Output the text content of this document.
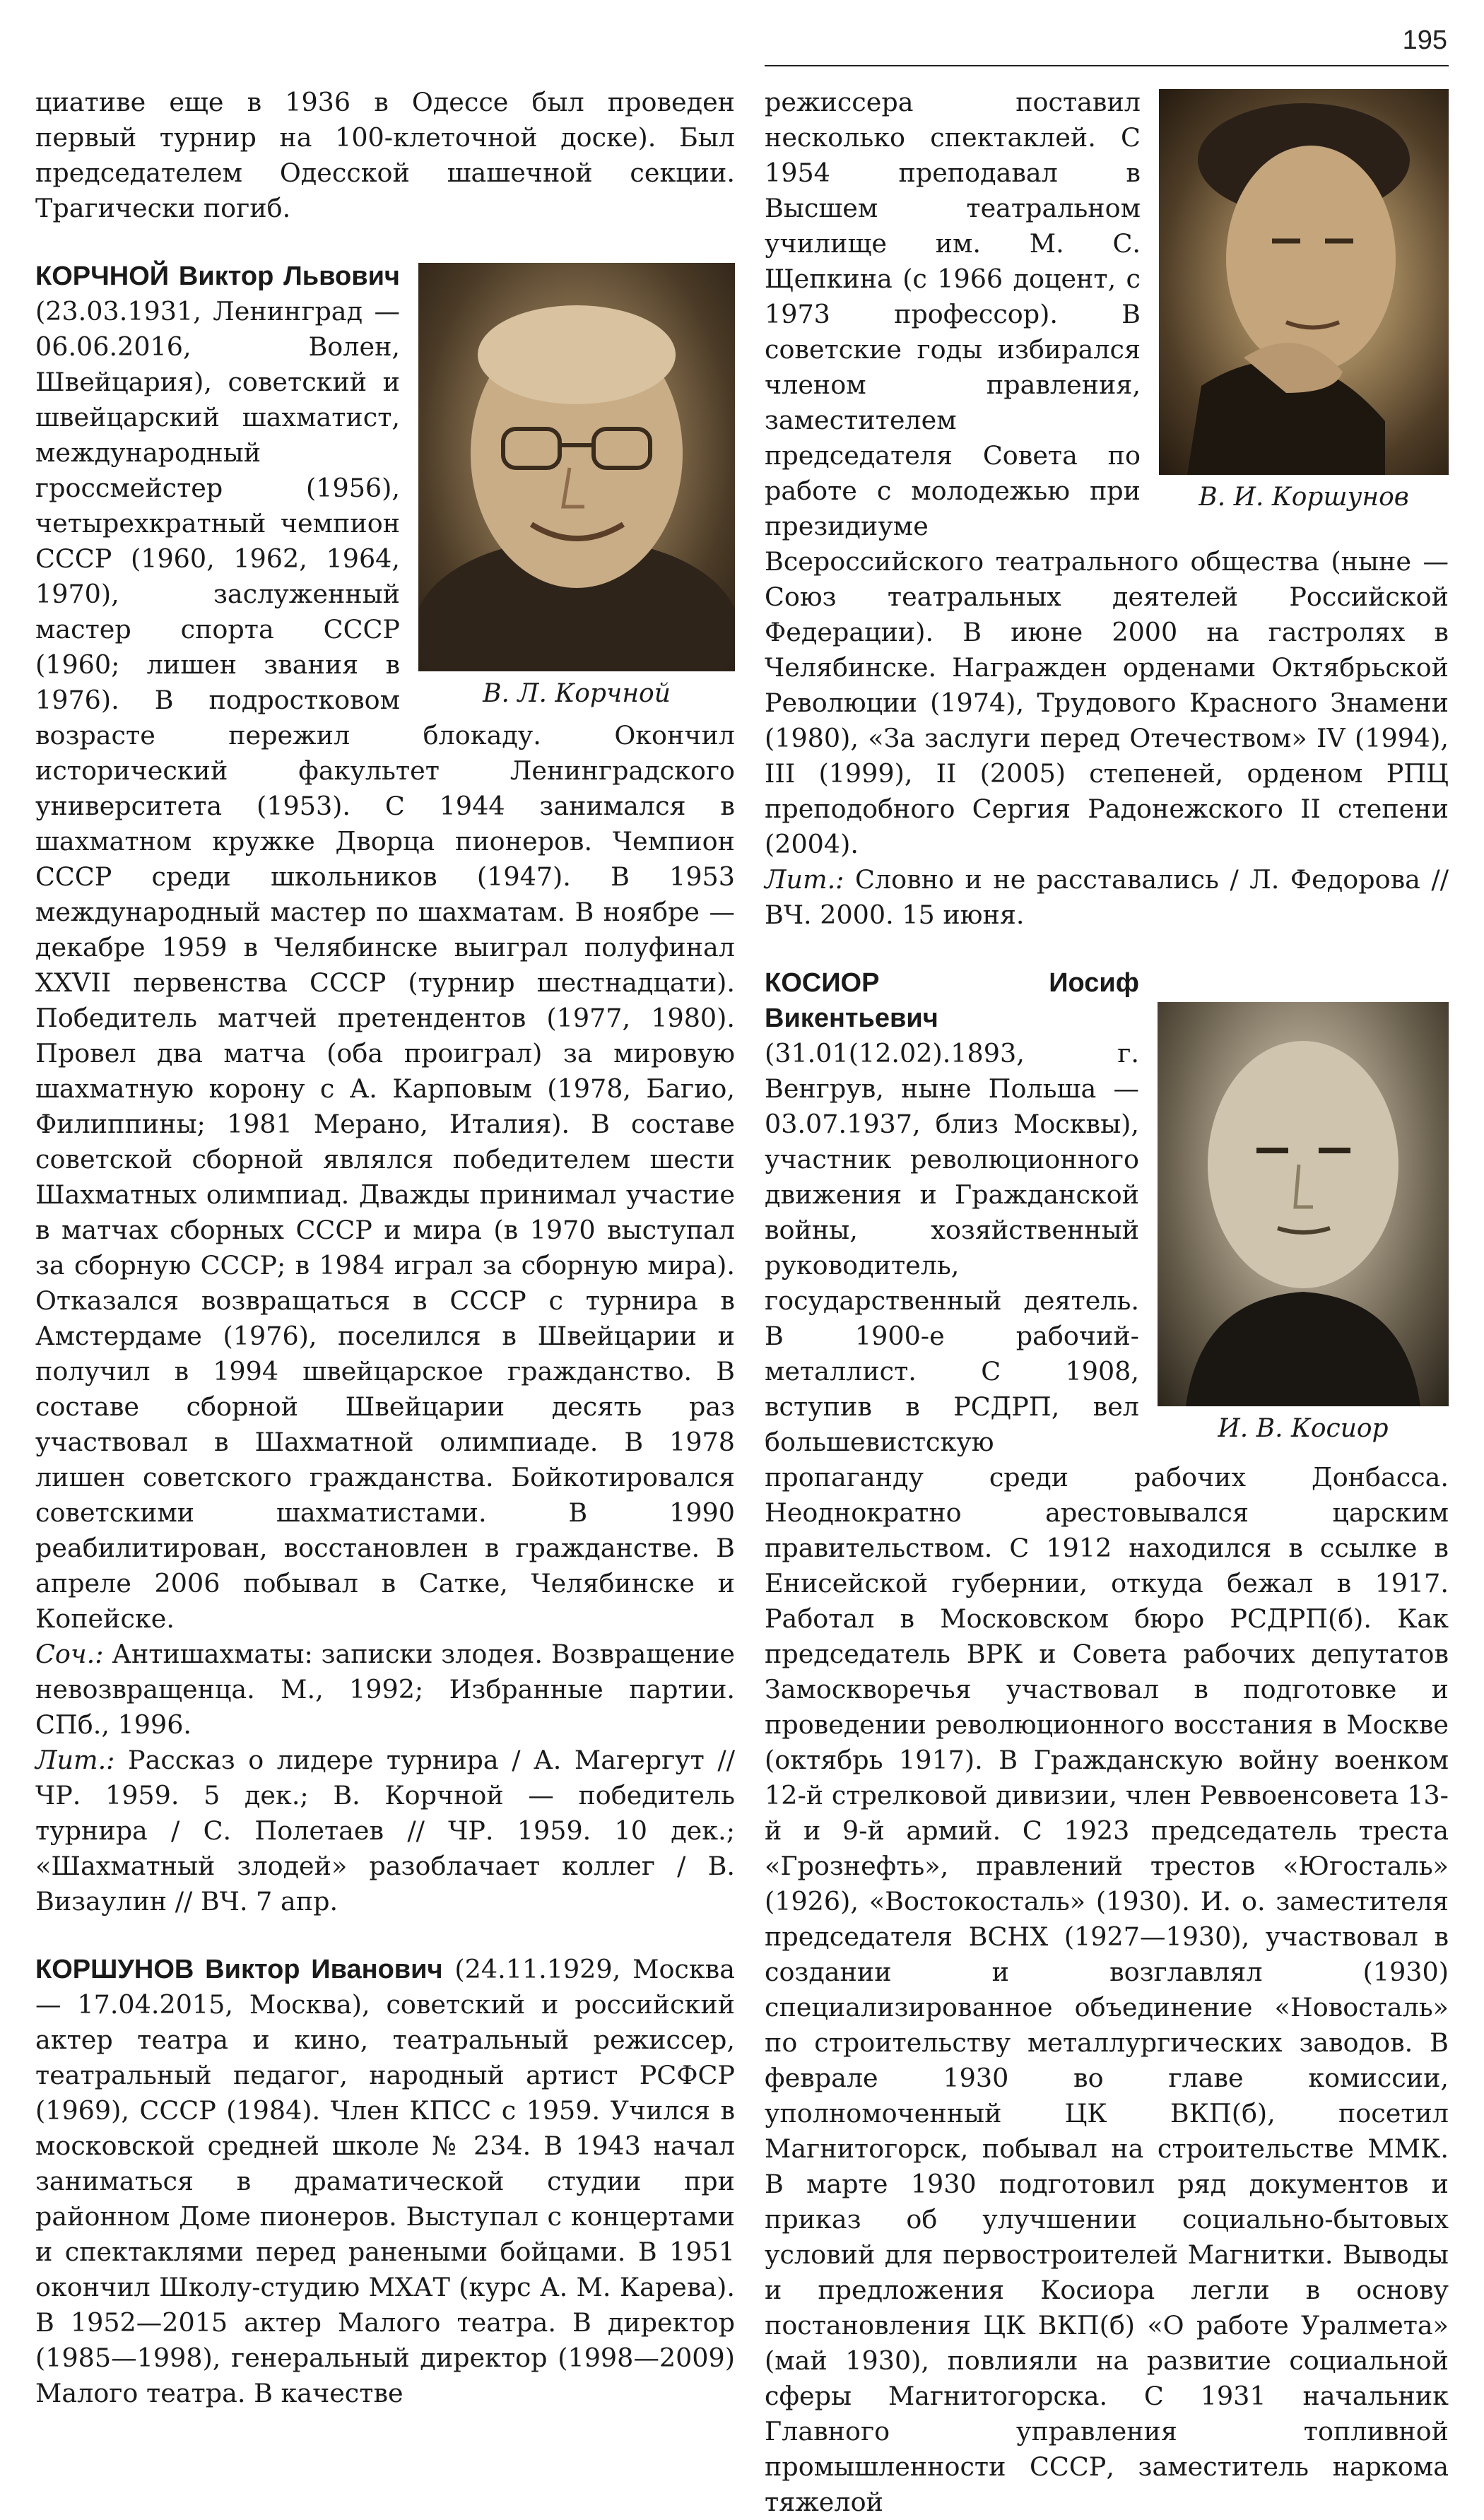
195

циативе еще в 1936 в Одессе был проведен первый турнир на 100-клеточной доске). Был председателем Одесской шашечной секции. Трагически погиб.

В. Л. Корчной

КОРЧНОЙ Виктор Львович (23.03.1931, Ленинград — 06.06.2016, Волен, Швейцария), советский и швейцарский шахматист, международный гроссмейстер (1956), четырехкратный чемпион СССР (1960, 1962, 1964, 1970), заслуженный мастер спорта СССР (1960; лишен звания в 1976). В подростковом возрасте пережил блокаду. Окончил исторический факультет Ленинградского университета (1953). С 1944 занимался в шахматном кружке Дворца пионеров. Чемпион СССР среди школьников (1947). В 1953 международный мастер по шахматам. В ноябре — декабре 1959 в Челябинске выиграл полуфинал XXVII первенства СССР (турнир шестнадцати). Победитель матчей претендентов (1977, 1980). Провел два матча (оба проиграл) за мировую шахматную корону с А. Карповым (1978, Багио, Филиппины; 1981 Мерано, Италия). В составе советской сборной являлся победителем шести Шахматных олимпиад. Дважды принимал участие в матчах сборных СССР и мира (в 1970 выступал за сборную СССР; в 1984 играл за сборную мира). Отказался возвращаться в СССР с турнира в Амстердаме (1976), поселился в Швейцарии и получил в 1994 швейцарское гражданство. В составе сборной Швейцарии десять раз участвовал в Шахматной олимпиаде. В 1978 лишен советского гражданства. Бойкотировался советскими шахматистами. В 1990 реабилитирован, восстановлен в гражданстве. В апреле 2006 побывал в Сатке, Челябинске и Копейске.

Соч.: Антишахматы: записки злодея. Возвращение невозвращенца. М., 1992; Избранные партии. СПб., 1996.

Лит.: Рассказ о лидере турнира / А. Магергут // ЧР. 1959. 5 дек.; В. Корчной — победитель турнира / С. Полетаев // ЧР. 1959. 10 дек.; «Шахматный злодей» разоблачает коллег / В. Визаулин // ВЧ. 7 апр.

КОРШУНОВ Виктор Иванович (24.11.1929, Москва — 17.04.2015, Москва), советский и российский актер театра и кино, театральный режиссер, театральный педагог, народный артист РСФСР (1969), СССР (1984). Член КПСС с 1959. Учился в московской средней школе № 234. В 1943 начал заниматься в драматической студии при районном Доме пионеров. Выступал с концертами и спектаклями перед ранеными бойцами. В 1951 окончил Школу-студию МХАТ (курс А. М. Карева). В 1952—2015 актер Малого театра. В директор (1985—1998), генеральный директор (1998—2009) Малого театра. В качестве

В. И. Коршунов

режиссера поставил несколько спектаклей. С 1954 преподавал в Высшем театральном училище им. М. С. Щепкина (с 1966 доцент, с 1973 профессор). В советские годы избирался членом правления, заместителем председателя Совета по работе с молодежью при президиуме Всероссийского театрального общества (ныне — Союз театральных деятелей Российской Федерации). В июне 2000 на гастролях в Челябинске. Награжден орденами Октябрьской Революции (1974), Трудового Красного Знамени (1980), «За заслуги перед Отечеством» IV (1994), III (1999), II (2005) степеней, орденом РПЦ преподобного Сергия Радонежского II степени (2004).

Лит.: Словно и не расставались / Л. Федорова // ВЧ. 2000. 15 июня.

И. В. Косиор

КОСИОР Иосиф Викентьевич (31.01(12.02).1893, г. Венгрув, ныне Польша — 03.07.1937, близ Москвы), участник революционного движения и Гражданской войны, хозяйственный руководитель, государственный деятель. В 1900-е рабочий-металлист. С 1908, вступив в РСДРП, вел большевистскую пропаганду среди рабочих Донбасса. Неоднократно арестовывался царским правительством. С 1912 находился в ссылке в Енисейской губернии, откуда бежал в 1917. Работал в Московском бюро РСДРП(б). Как председатель ВРК и Совета рабочих депутатов Замоскворечья участвовал в подготовке и проведении революционного восстания в Москве (октябрь 1917). В Гражданскую войну военком 12-й стрелковой дивизии, член Реввоенсовета 13-й и 9-й армий. С 1923 председатель треста «Грознефть», правлений трестов «Югосталь» (1926), «Востокосталь» (1930). И. о. заместителя председателя ВСНХ (1927—1930), участвовал в создании и возглавлял (1930) специализированное объединение «Новосталь» по строительству металлургических заводов. В феврале 1930 во главе комиссии, уполномоченный ЦК ВКП(б), посетил Магнитогорск, побывал на строительстве ММК. В марте 1930 подготовил ряд документов и приказ об улучшении социально-бытовых условий для первостроителей Магнитки. Выводы и предложения Косиора легли в основу постановления ЦК ВКП(б) «О работе Уралмета» (май 1930), повлияли на развитие социальной сферы Магнитогорска. С 1931 начальник Главного управления топливной промышленности СССР, заместитель наркома тяжелой
